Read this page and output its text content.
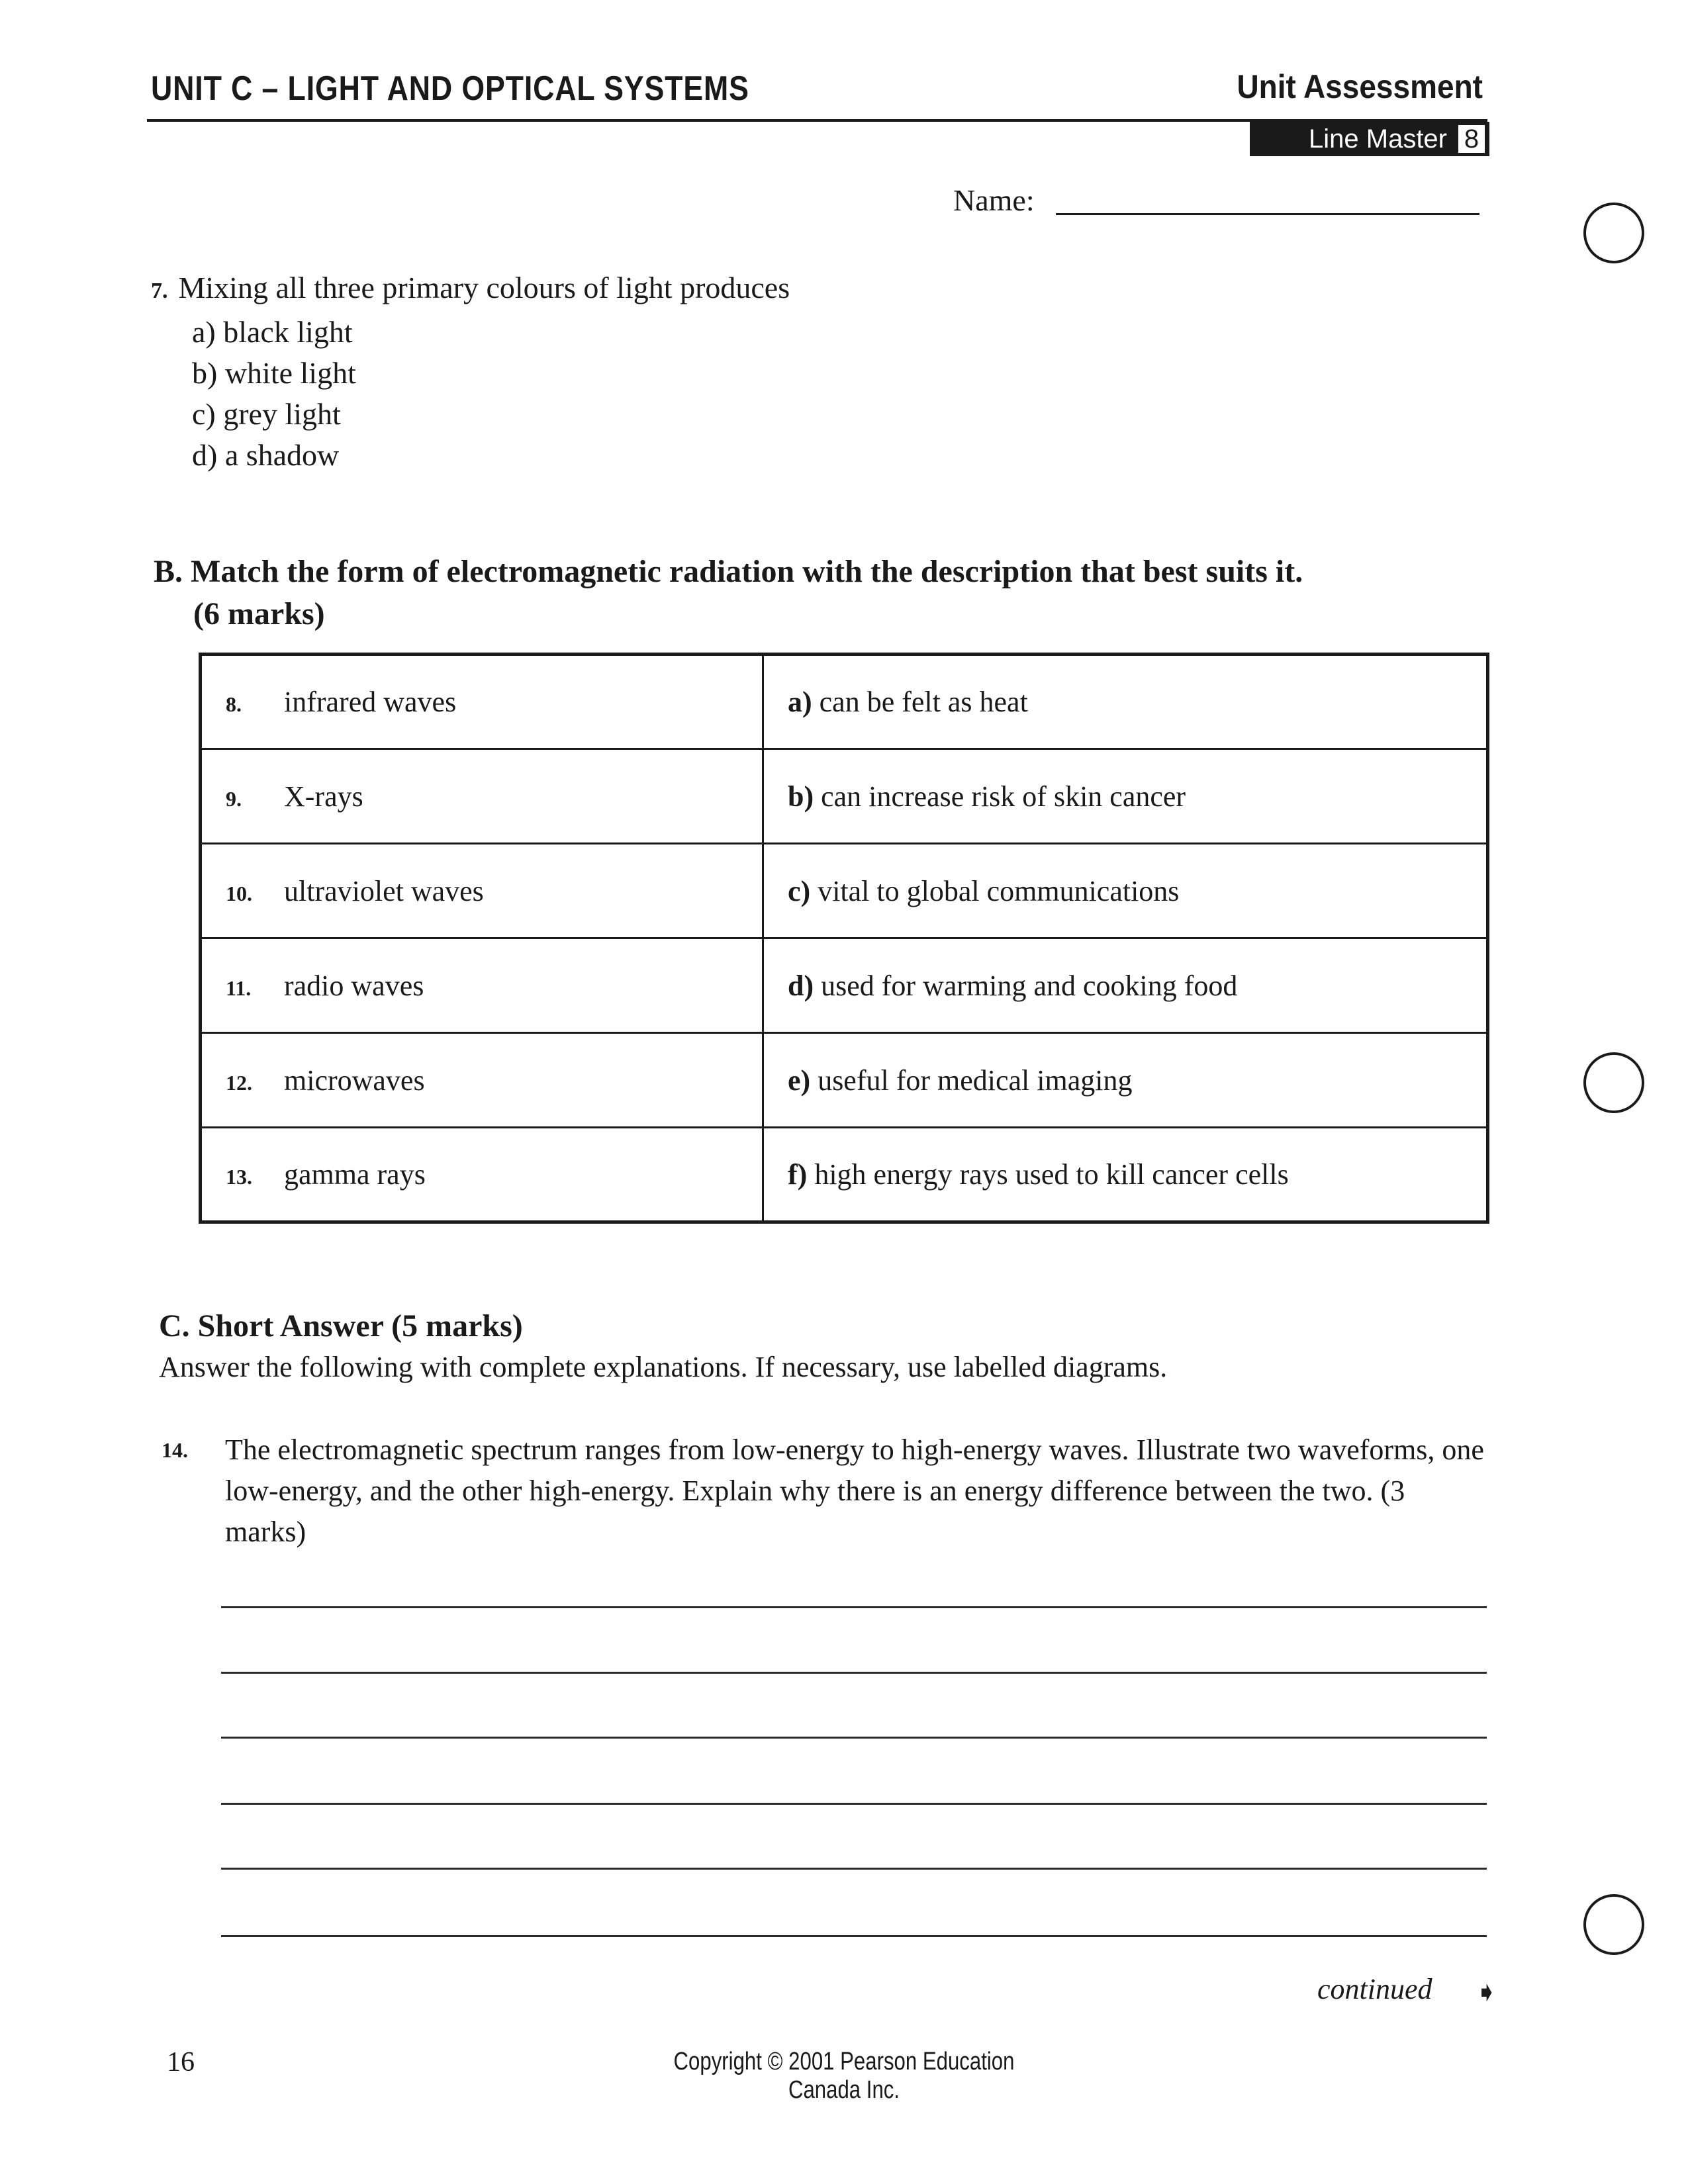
UNIT C – LIGHT AND OPTICAL SYSTEMS	Unit Assessment
Line Master 8
Name:
7. Mixing all three primary colours of light produces
a) black light
b) white light
c) grey light
d) a shadow
B. Match the form of electromagnetic radiation with the description that best suits it.
(6 marks)
8. infrared waves	a) can be felt as heat
9. X-rays	b) can increase risk of skin cancer
10. ultraviolet waves	c) vital to global communications
11. radio waves	d) used for warming and cooking food
12. microwaves	e) useful for medical imaging
13. gamma rays	f) high energy rays used to kill cancer cells
C. Short Answer (5 marks)
Answer the following with complete explanations. If necessary, use labelled diagrams.
14.	The electromagnetic spectrum ranges from low-energy to high-energy waves. Illustrate two waveforms, one low-energy, and the other high-energy. Explain why there is an energy difference between the two. (3 marks)
continued ➧
16	Copyright © 2001 Pearson Education Canada Inc.
